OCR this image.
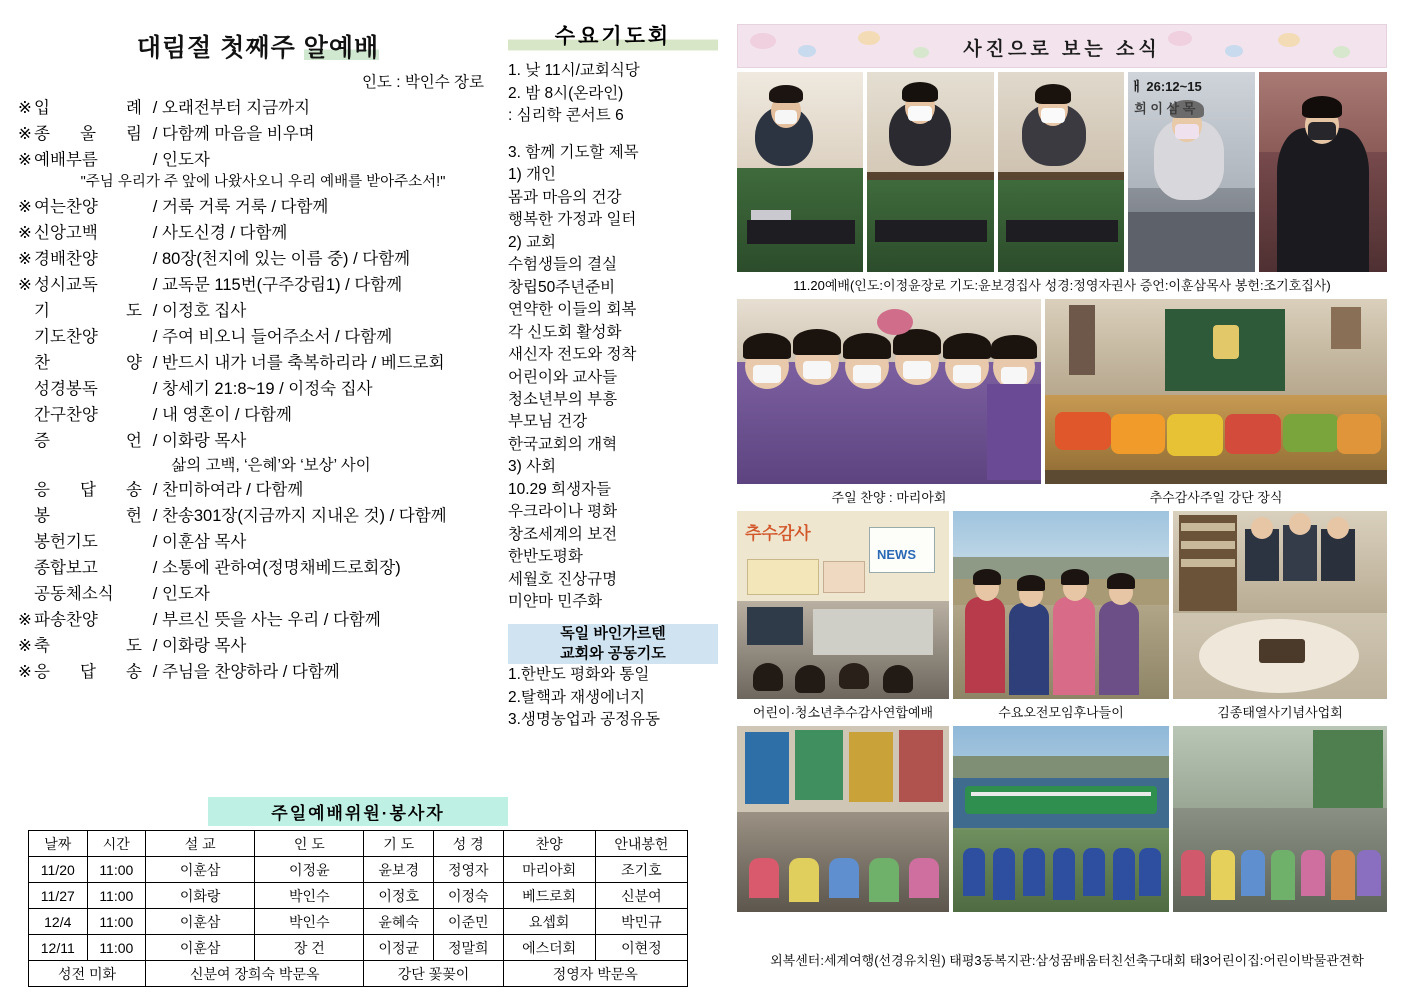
대림절 첫째주 알예배
인도 : 박인수 장로
※ 입 례 / 오래전부터 지금까지
※ 종 울 림 / 다함께 마음을 비우며
※ 예배부름	/ 인도자
"주님 우리가 주 앞에 나왔사오니 우리 예배를 받아주소서!"
※ 여는찬양	/ 거룩 거룩 거룩 / 다함께
※ 신앙고백	/ 사도신경 / 다함께
※ 경배찬양	/ 80장(천지에 있는 이름 중) / 다함께
※ 성시교독	/ 교독문 115번(구주강림1) / 다함께
기 도 / 이정호 집사
기도찬양	/ 주여 비오니 들어주소서 / 다함께
찬 양 / 반드시 내가 너를 축복하리라 / 베드로회
성경봉독	/ 창세기 21:8~19 / 이정숙 집사
간구찬양	/ 내 영혼이 / 다함께
증 언 / 이화랑 목사
삶의 고백, ‘은혜’와 ‘보상’ 사이
응 답 송 / 찬미하여라 / 다함께
봉 헌 / 찬송301장(지금까지 지내온 것) / 다함께
봉헌기도	/ 이훈삼 목사
종합보고	/ 소통에 관하여(정명채베드로회장)
공동체소식	/ 인도자
※ 파송찬양	/ 부르신 뜻을 사는 우리 / 다함께
※ 축 도 / 이화랑 목사
※ 응 답 송 / 주님을 찬양하라 / 다함께
주일예배위원·봉사자
날짜	시간	설 교	인 도	기 도	성 경	찬양	안내봉헌
11/20	11:00	이훈삼	이정윤	윤보경	정영자	마리아회	조기호
11/27	11:00	이화랑	박인수	이정호	이정숙	베드로회	신분여
12/4	11:00	이훈삼	박인수	윤혜숙	이준민	요셉회	박민규
12/11	11:00	이훈삼	장 건	이정균	정말희	에스더회	이현정
성전 미화		신분여 장희숙 박문옥		강단 꽃꽂이		정영자 박문옥	
수요기도회
1. 낮 11시/교회식당
2. 밤 8시(온라인)
: 심리학 콘서트 6
3. 함께 기도할 제목
1) 개인
몸과 마음의 건강
행복한 가정과 일터
2) 교회
수험생들의 결실
창립50주년준비
연약한 이들의 회복
각 신도회 활성화
새신자 전도와 정착
어린이와 교사들
청소년부의 부흥
부모님 건강
한국교회의 개혁
3) 사회
10.29 희생자들
우크라이나 평화
창조세계의 보전
한반도평화
세월호 진상규명
미얀마 민주화
독일 바인가르텐
교회와 공동기도
1.한반도 평화와 통일
2.탈핵과 재생에너지
3.생명농업과 공정유동
사진으로 보는 소식
ㅐ 26:12~15
희 이 삼 목
11.20예배(인도:이정윤장로 기도:윤보경집사 성경:정영자권사 증언:이훈삼목사 봉헌:조기호집사)
주일 찬양 : 마리아회	추수감사주일 강단 장식
추수감사
NEWS
어린이·청소년추수감사연합예배	수요오전모임후나들이	김종태열사기념사업회
외복센터:세계여행(선경유치원) 태평3동복지관:삼성꿈배움터친선축구대회 태3어린이집:어린이박물관견학
